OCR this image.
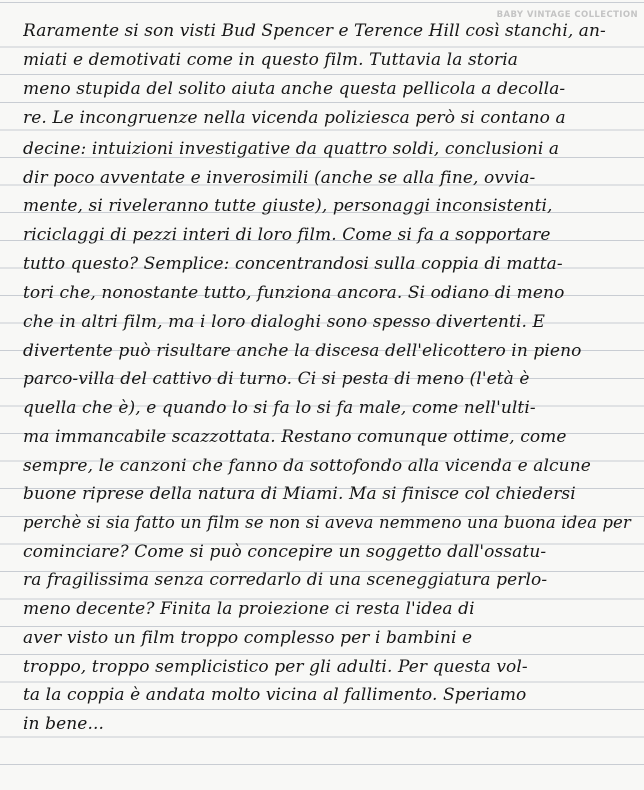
BABY VINTAGE COLLECTION
Raramente si son visti Bud Spencer e Terence Hill così stanchi, an-
miati e demotivati come in questo film. Tuttavia la storia
meno stupida del solito aiuta anche questa pellicola a decolla-
re. Le incongruenze nella vicenda poliziesca però si contano a
decine: intuizioni investigative da quattro soldi, conclusioni a
dir poco avventate e inverosimili (anche se alla fine, ovvia-
mente, si riveleranno tutte giuste), personaggi inconsistenti,
riciclaggi di pezzi interi di loro film. Come si fa a sopportare
tutto questo? Semplice: concentrandosi sulla coppia di matta-
tori che, nonostante tutto, funziona ancora. Si odiano di meno
che in altri film, ma i loro dialoghi sono spesso divertenti. E
divertente può risultare anche la discesa dell'elicottero in pieno
parco-villa del cattivo di turno. Ci si pesta di meno (l'età è
quella che è), e quando lo si fa lo si fa male, come nell'ulti-
ma immancabile scazzottata. Restano comunque ottime, come
sempre, le canzoni che fanno da sottofondo alla vicenda e alcune
buone riprese della natura di Miami. Ma si finisce col chiedersi
perchè si sia fatto un film se non si aveva nemmeno una buona idea per
cominciare? Come si può concepire un soggetto dall'ossatu-
ra fragilissima senza corredarlo di una sceneggiatura perlo-
meno decente? Finita la proiezione ci resta l'idea di
aver visto un film troppo complesso per i bambini e
troppo, troppo semplicistico per gli adulti. Per questa vol-
ta la coppia è andata molto vicina al fallimento. Speriamo
in bene...
